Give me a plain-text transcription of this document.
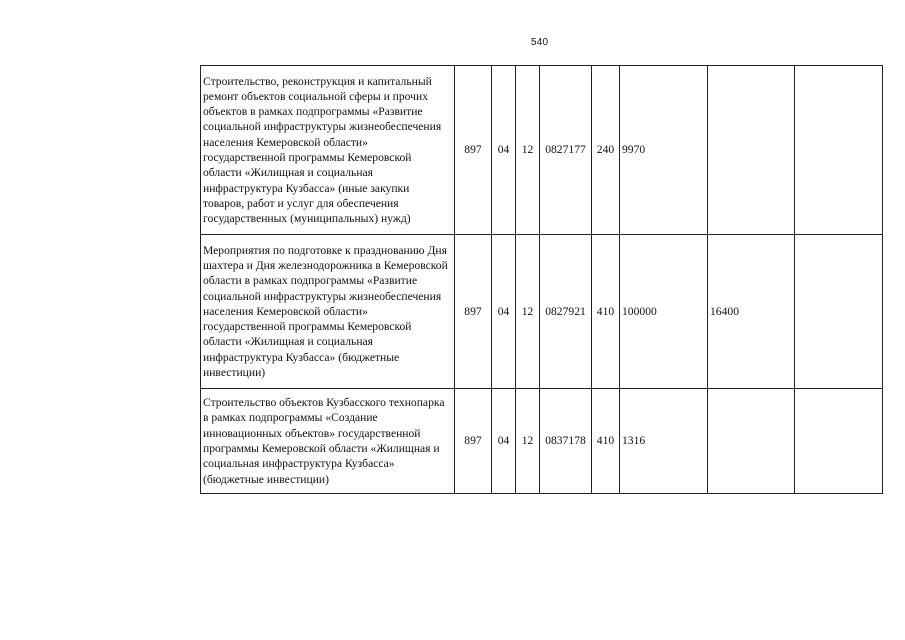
540
Строительство, реконструкция и капитальный ремонт объектов социальной сферы и прочих объектов в рамках подпрограммы «Развитие социальной инфраструктуры жизнеобеспечения населения Кемеровской области» государственной программы Кемеровской области «Жилищная и социальная инфраструктура Кузбасса» (иные закупки товаров, работ и услуг для обеспечения государственных (муниципальных) нужд)	897	04	12	0827177	240	9970		
Мероприятия по подготовке к празднованию Дня шахтера и Дня железнодорожника в Кемеровской области в рамках подпрограммы «Развитие социальной инфраструктуры жизнеобеспечения населения Кемеровской области» государственной программы Кемеровской области «Жилищная и социальная инфраструктура Кузбасса» (бюджетные инвестиции)	897	04	12	0827921	410	100000	16400	
Строительство объектов Кузбасского технопарка в рамках подпрограммы «Создание инновационных объектов» государственной программы Кемеровской области «Жилищная и социальная инфраструктура Кузбасса» (бюджетные инвестиции)	897	04	12	0837178	410	1316		
